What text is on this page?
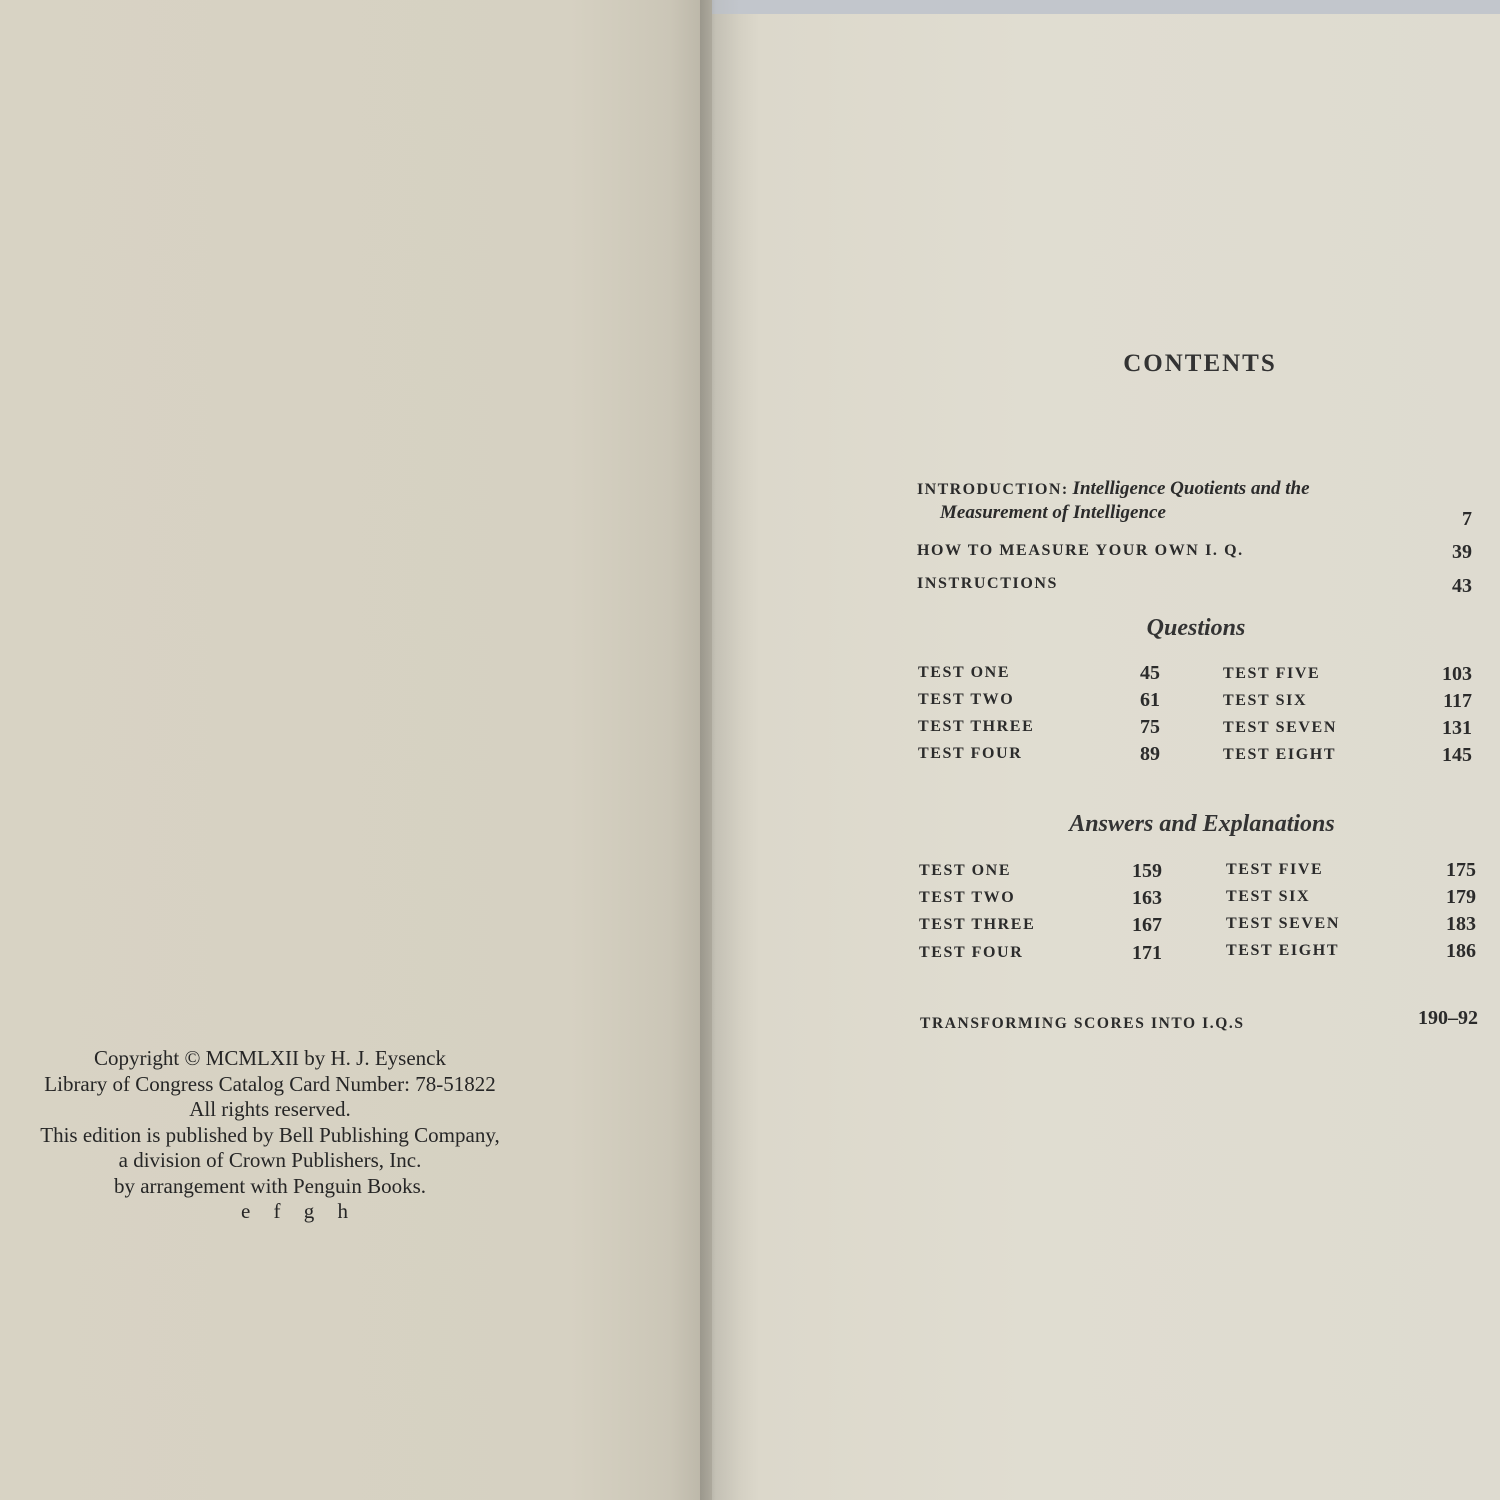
Copyright © MCMLXII by H. J. Eysenck
Library of Congress Catalog Card Number: 78-51822
All rights reserved.
This edition is published by Bell Publishing Company,
a division of Crown Publishers, Inc.
by arrangement with Penguin Books.
e f g h
CONTENTS
INTRODUCTION: Intelligence Quotients and the
Measurement of Intelligence	7
HOW TO MEASURE YOUR OWN I. Q.	39
INSTRUCTIONS	43
Questions
TEST ONE	45
TEST TWO	61
TEST THREE	75
TEST FOUR	89
TEST FIVE	103
TEST SIX	117
TEST SEVEN	131
TEST EIGHT	145
Answers and Explanations
TEST ONE	159
TEST TWO	163
TEST THREE	167
TEST FOUR	171
TEST FIVE	175
TEST SIX	179
TEST SEVEN	183
TEST EIGHT	186
TRANSFORMING SCORES INTO I.Q.S	190–92
